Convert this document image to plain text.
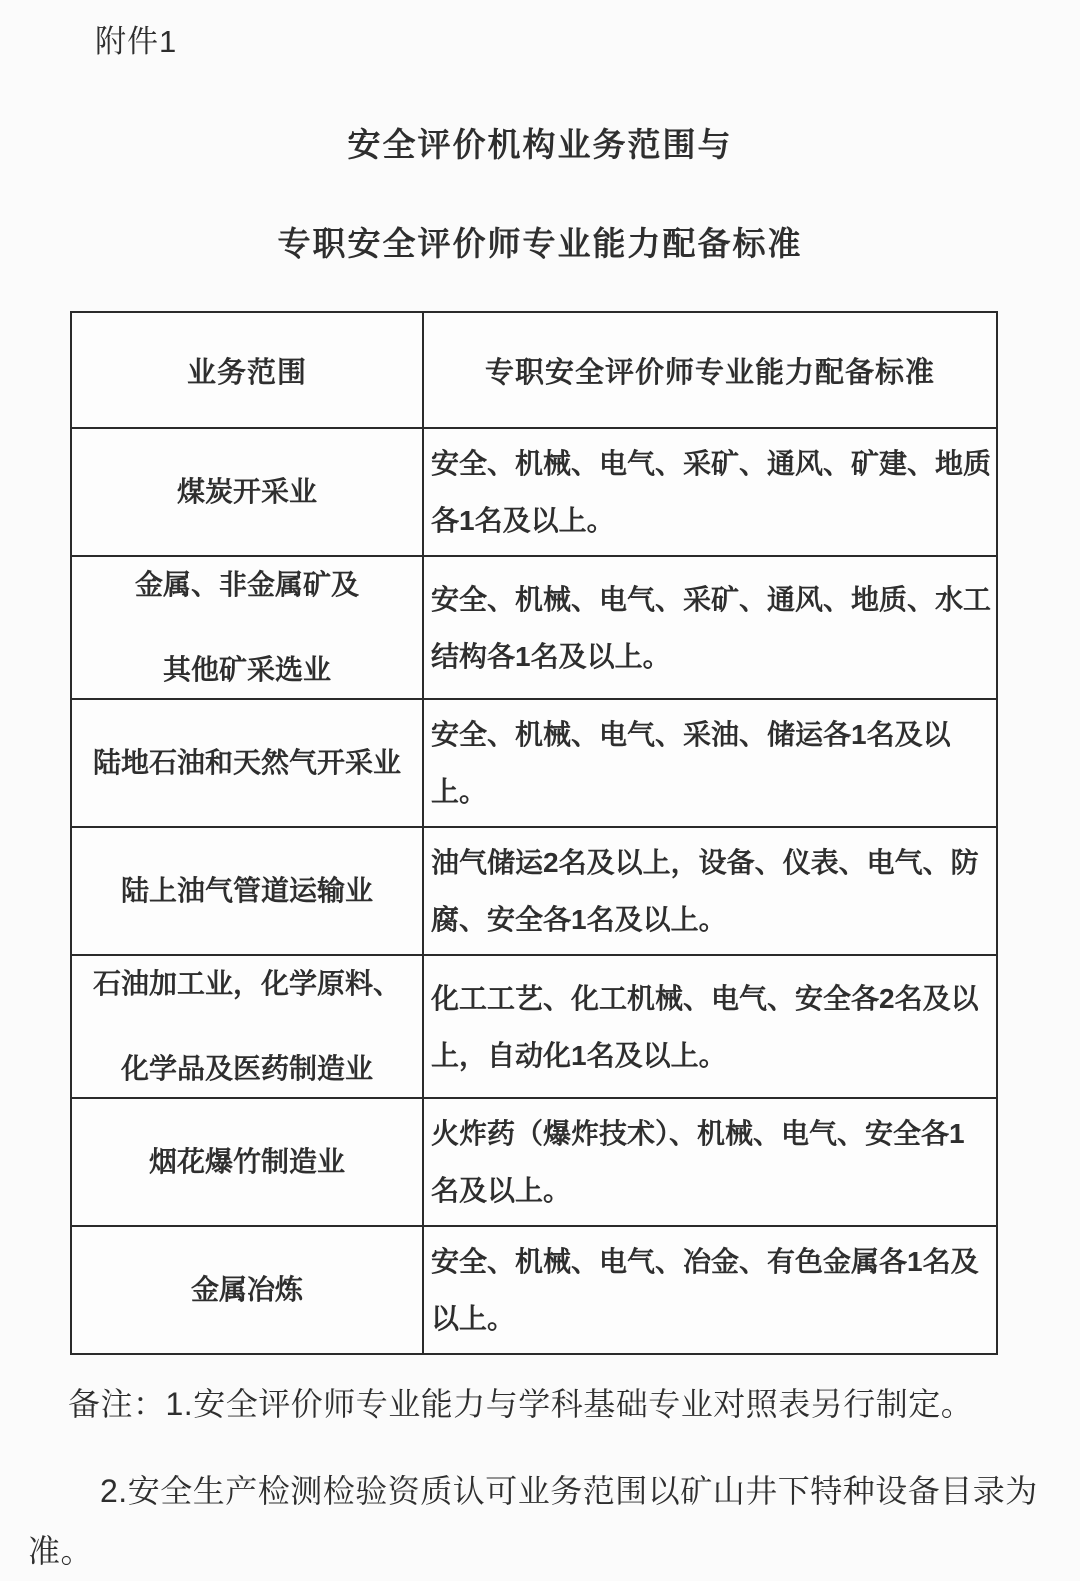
附件1
安全评价机构业务范围与
专职安全评价师专业能力配备标准
业务范围	专职安全评价师专业能力配备标准

煤炭开采业	安全、机械、电气、采矿、通风、矿建、地质各1名及以上。

金属、非金属矿及
其他矿采选业	安全、机械、电气、采矿、通风、地质、水工结构各1名及以上。

陆地石油和天然气开采业	安全、机械、电气、采油、储运各1名及以上。

陆上油气管道运输业	油气储运2名及以上，设备、仪表、电气、防腐、安全各1名及以上。

石油加工业，化学原料、
化学品及医药制造业	化工工艺、化工机械、电气、安全各2名及以上，自动化1名及以上。

烟花爆竹制造业	火炸药（爆炸技术）、机械、电气、安全各1名及以上。

金属冶炼	安全、机械、电气、冶金、有色金属各1名及以上。
备注：1.安全评价师专业能力与学科基础专业对照表另行制定。
2.安全生产检测检验资质认可业务范围以矿山井下特种设备目录为准。
